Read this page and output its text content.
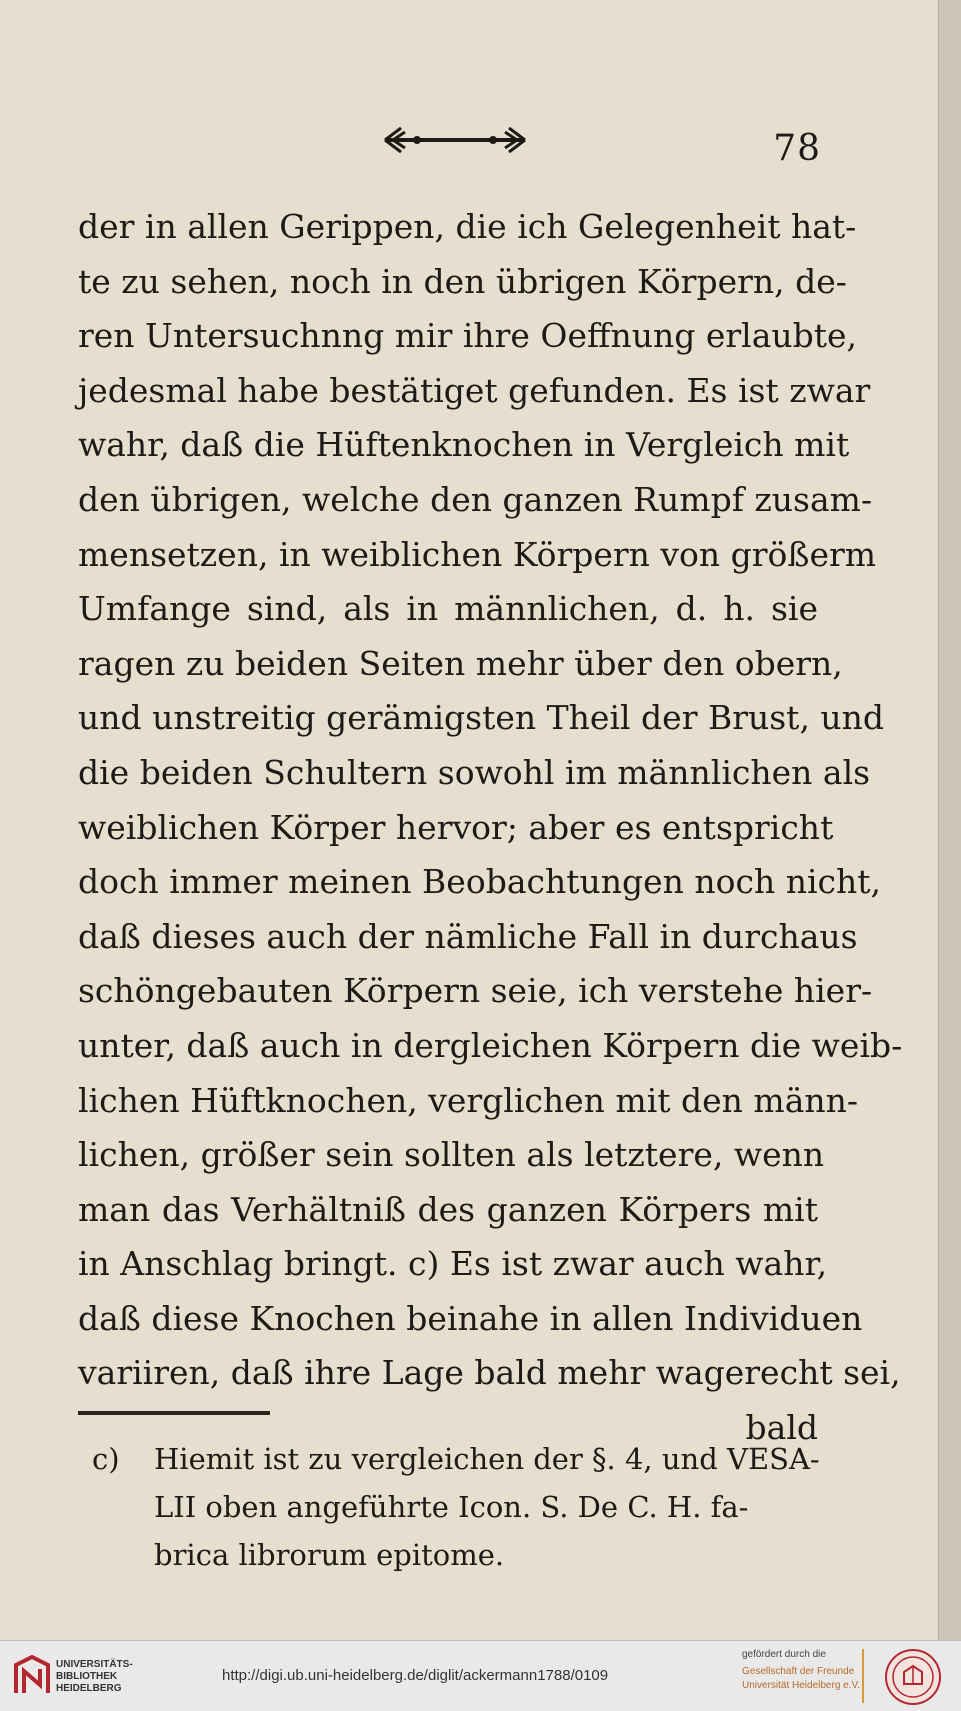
78
der in allen Gerippen, die ich Gelegenheit hat-
te zu sehen, noch in den übrigen Körpern, de-
ren Untersuchnng mir ihre Oeffnung erlaubte,
jedesmal habe bestätiget gefunden. Es ist zwar
wahr, daß die Hüftenknochen in Vergleich mit
den übrigen, welche den ganzen Rumpf zusam-
mensetzen, in weiblichen Körpern von größerm
Umfange sind, als in männlichen, d. h. sie
ragen zu beiden Seiten mehr über den obern,
und unstreitig gerämigsten Theil der Brust, und
die beiden Schultern sowohl im männlichen als
weiblichen Körper hervor; aber es entspricht
doch immer meinen Beobachtungen noch nicht,
daß dieses auch der nämliche Fall in durchaus
schöngebauten Körpern seie, ich verstehe hier-
unter, daß auch in dergleichen Körpern die weib-
lichen Hüftknochen, verglichen mit den männ-
lichen, größer sein sollten als letztere, wenn
man das Verhältniß des ganzen Körpers mit
in Anschlag bringt. c) Es ist zwar auch wahr,
daß diese Knochen beinahe in allen Individuen
variiren, daß ihre Lage bald mehr wagerecht sei,
bald
c) Hiemit ist zu vergleichen der §. 4, und VESA-
LII oben angeführte Icon. S. De C. H. fa-
brica librorum epitome.
UNIVERSITÄTS-
BIBLIOTHEK
HEIDELBERG
http://digi.ub.uni-heidelberg.de/diglit/ackermann1788/0109
gefördert durch die
Gesellschaft der Freunde
Universität Heidelberg e.V.
